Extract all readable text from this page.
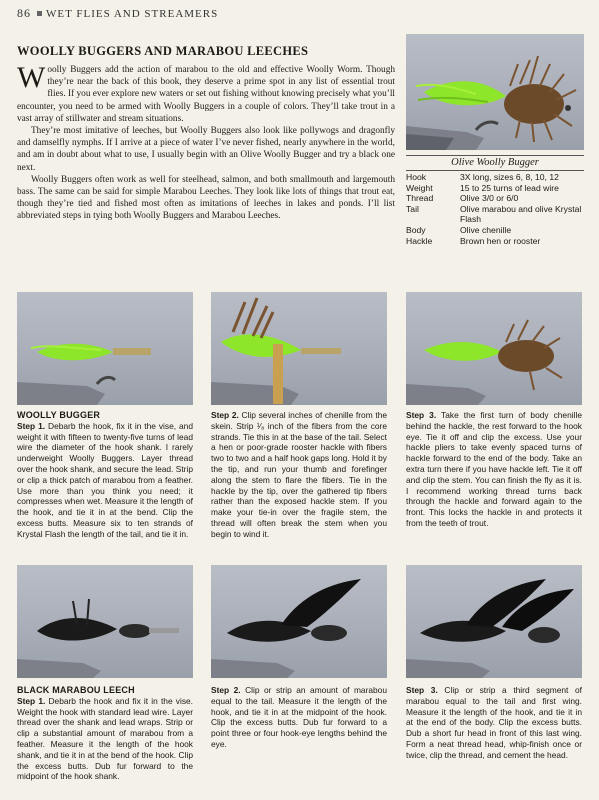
86 WET FLIES AND STREAMERS
WOOLLY BUGGERS AND MARABOU LEECHES

Woolly Buggers add the action of marabou to the old and effective Woolly Worm. Though they’re near the back of this book, they deserve a prime spot in any list of essential trout flies. If you ever explore new waters or set out fishing without knowing precisely what you’ll encounter, you need to be armed with Woolly Buggers in a couple of colors. They’ll take trout in a vast array of stillwater and stream situations.

They’re most imitative of leeches, but Woolly Buggers also look like pollywogs and dragonfly and damselfly nymphs. If I arrive at a piece of water I’ve never fished, nearly anywhere in the world, and am in doubt about what to use, I usually begin with an Olive Woolly Bugger and try a black one next.

Woolly Buggers often work as well for steelhead, salmon, and both smallmouth and largemouth bass. The same can be said for simple Marabou Leeches. They look like lots of things that trout eat, though they’re tied and fished most often as imitations of leeches in lakes and ponds. I’ll list abbreviated steps in tying both Woolly Buggers and Marabou Leeches.

Olive Woolly Bugger
Hook	3X long, sizes 6, 8, 10, 12
Weight	15 to 25 turns of lead wire
Thread	Olive 3/0 or 6/0
Tail	Olive marabou and olive Krystal Flash
Body	Olive chenille
Hackle	Brown hen or rooster
WOOLLY BUGGER
Step 1. Debarb the hook, fix it in the vise, and weight it with fifteen to twenty-five turns of lead wire the diameter of the hook shank. I rarely underweight Woolly Buggers. Layer thread over the hook shank, and secure the lead. Strip or clip a thick patch of marabou from a feather. Use more than you think you need; it compresses when wet. Measure it the length of the hook, and tie it in at the bend. Clip the excess butts. Measure six to ten strands of Krystal Flash the length of the tail, and tie it in.
Step 2. Clip several inches of chenille from the skein. Strip ¹⁄₈ inch of the fibers from the core strands. Tie this in at the base of the tail. Select a hen or poor-grade rooster hackle with fibers two to two and a half hook gaps long. Hold it by the tip, and run your thumb and forefinger along the stem to flare the fibers. Tie in the hackle by the tip, over the gathered tip fibers rather than the exposed hackle stem. If you make your tie-in over the fragile stem, the thread will often break the stem when you begin to wind it.
Step 3. Take the first turn of body chenille behind the hackle, the rest forward to the hook eye. Tie it off and clip the excess. Use your hackle pliers to take evenly spaced turns of hackle forward to the end of the body. Take an extra turn there if you have hackle left. Tie it off and clip the stem. You can finish the fly as it is. I recommend working thread turns back through the hackle and forward again to the front. This locks the hackle in and protects it from the teeth of trout.
BLACK MARABOU LEECH
Step 1. Debarb the hook and fix it in the vise. Weight the hook with standard lead wire. Layer thread over the shank and lead wraps. Strip or clip a substantial amount of marabou from a feather. Measure it the length of the hook shank, and tie it in at the bend of the hook. Clip the excess butts. Dub fur forward to the midpoint of the hook shank.
Step 2. Clip or strip an amount of marabou equal to the tail. Measure it the length of the hook, and tie it in at the midpoint of the hook. Clip the excess butts. Dub fur forward to a point three or four hook-eye lengths behind the eye.
Step 3. Clip or strip a third segment of marabou equal to the tail and first wing. Measure it the length of the hook, and tie it in at the end of the body. Clip the excess butts. Dub a short fur head in front of this last wing. Form a neat thread head, whip-finish once or twice, clip the thread, and cement the head.
